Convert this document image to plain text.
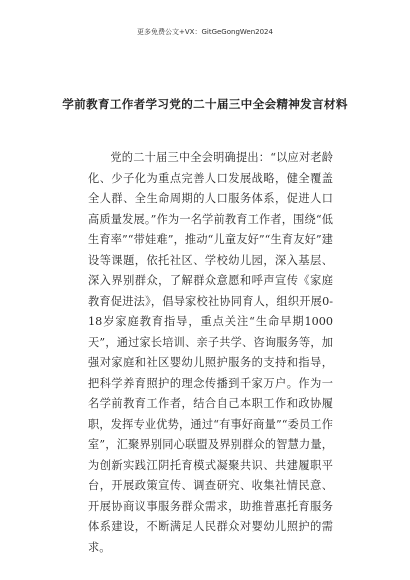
更多免费公文+VX：GitGeGongWen2024
学前教育工作者学习党的二十届三中全会精神发言材料

党的二十届三中全会明确提出：“以应对老龄化、少子化为重点完善人口发展战略，健全覆盖全人群、全生命周期的人口服务体系，促进人口高质量发展。”作为一名学前教育工作者，围绕“低生育率”“带娃难”，推动“儿童友好”“生育友好”建设等课题，依托社区、学校幼儿园，深入基层、深入界别群众，了解群众意愿和呼声宣传《家庭教育促进法》，倡导家校社协同育人，组织开展0-18岁家庭教育指导，重点关注“生命早期1000天”，通过家长培训、亲子共学、咨询服务等，加强对家庭和社区婴幼儿照护服务的支持和指导，把科学养育照护的理念传播到千家万户。作为一名学前教育工作者，结合自己本职工作和政协履职，发挥专业优势，通过“有事好商量”“委员工作室”，汇聚界别同心联盟及界别群众的智慧力量，为创新实践江阴托育模式凝聚共识、共建履职平台，开展政策宣传、调查研究、收集社情民意、开展协商议事服务群众需求，助推普惠托育服务体系建设，不断满足人民群众对婴幼儿照护的需求。
